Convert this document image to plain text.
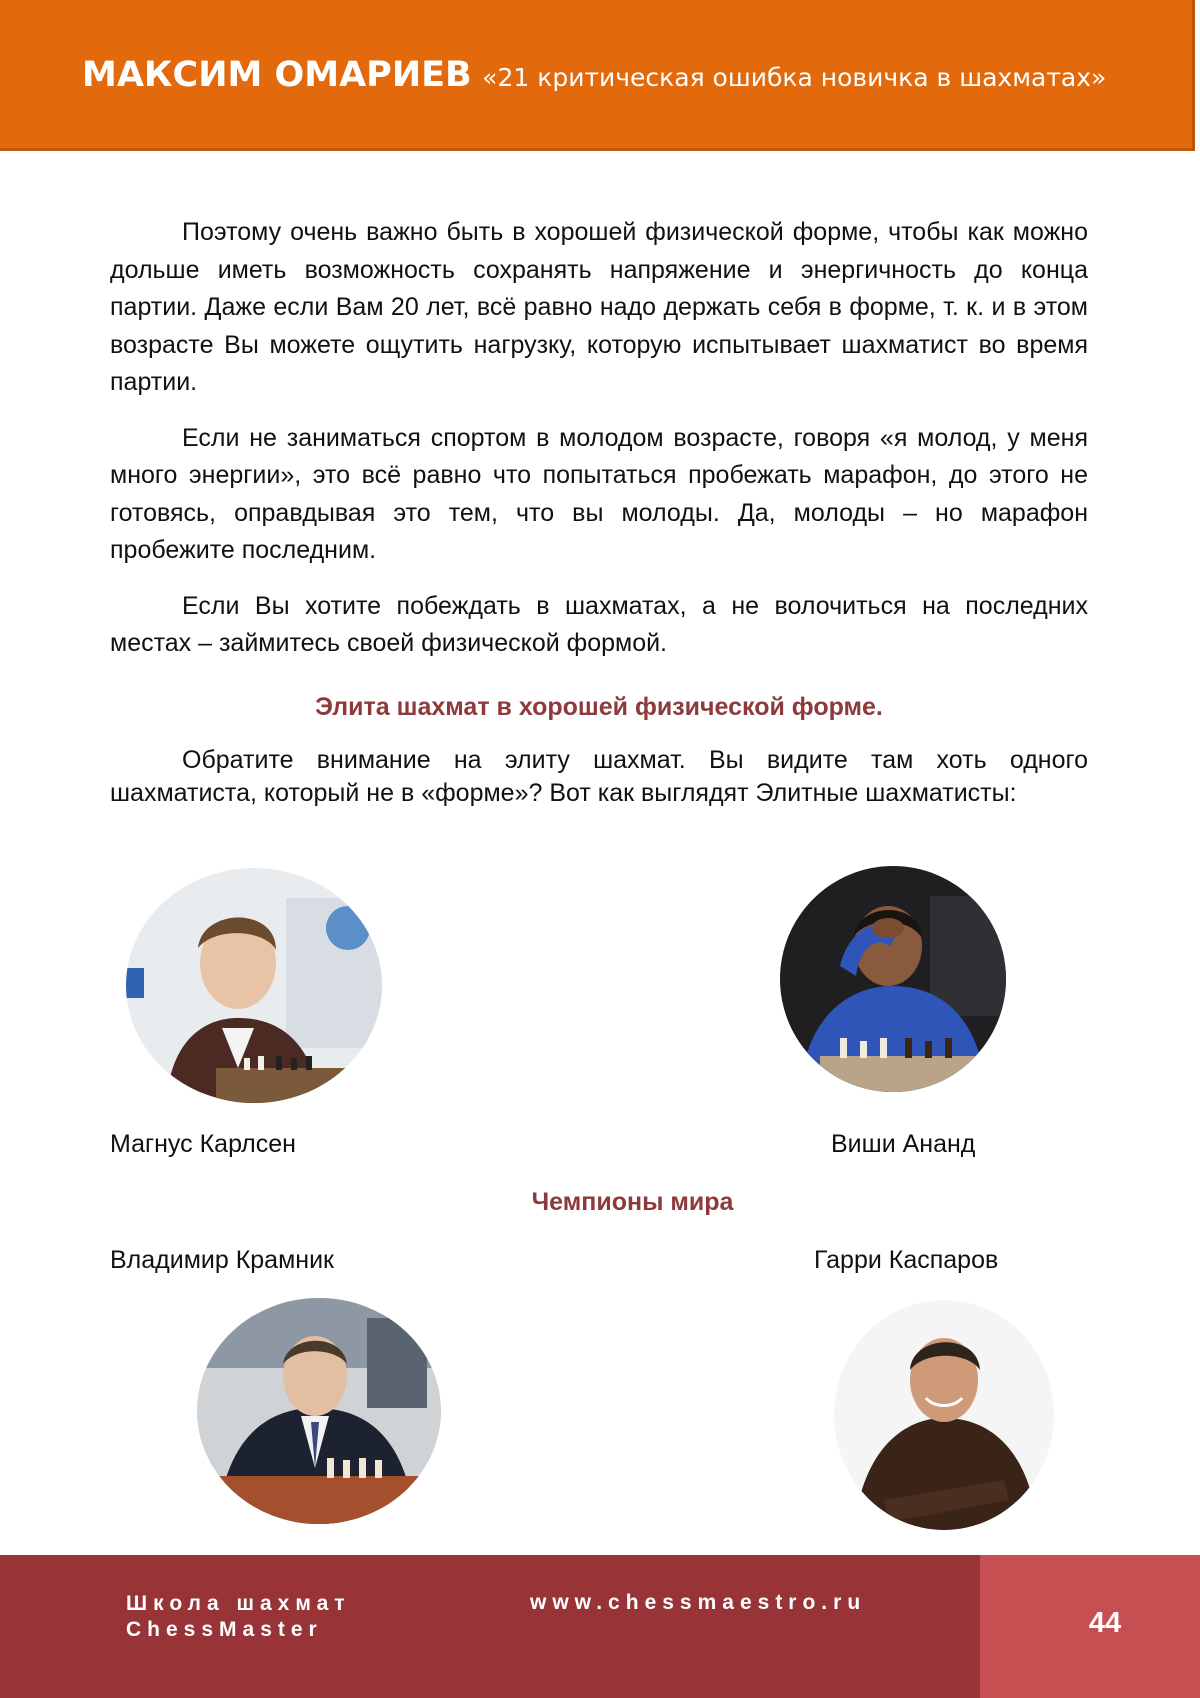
МАКСИМ ОМАРИЕВ «21 критическая ошибка новичка в шахматах»

Поэтому очень важно быть в хорошей физической форме, чтобы как можно дольше иметь возможность сохранять напряжение и энергичность до конца партии. Даже если Вам 20 лет, всё равно надо держать себя в форме, т. к. и в этом возрасте Вы можете ощутить нагрузку, которую испытывает шахматист во время партии.

Если не заниматься спортом в молодом возрасте, говоря «я молод, у меня много энергии», это всё равно что попытаться пробежать марафон, до этого не готовясь, оправдывая это тем, что вы молоды. Да, молоды – но марафон пробежите последним.

Если Вы хотите побеждать в шахматах, а не волочиться на последних местах – займитесь своей физической формой.

Элита шахмат в хорошей физической форме.

Обратите внимание на элиту шахмат. Вы видите там хоть одного шахматиста, который не в «форме»? Вот как выглядят Элитные шахматисты:

Магнус Карлсен	Виши Ананд
Чемпионы мира
Владимир Крамник	Гарри Каспаров
Школа шахмат
ChessMaster
www.chessmaestro.ru
44
